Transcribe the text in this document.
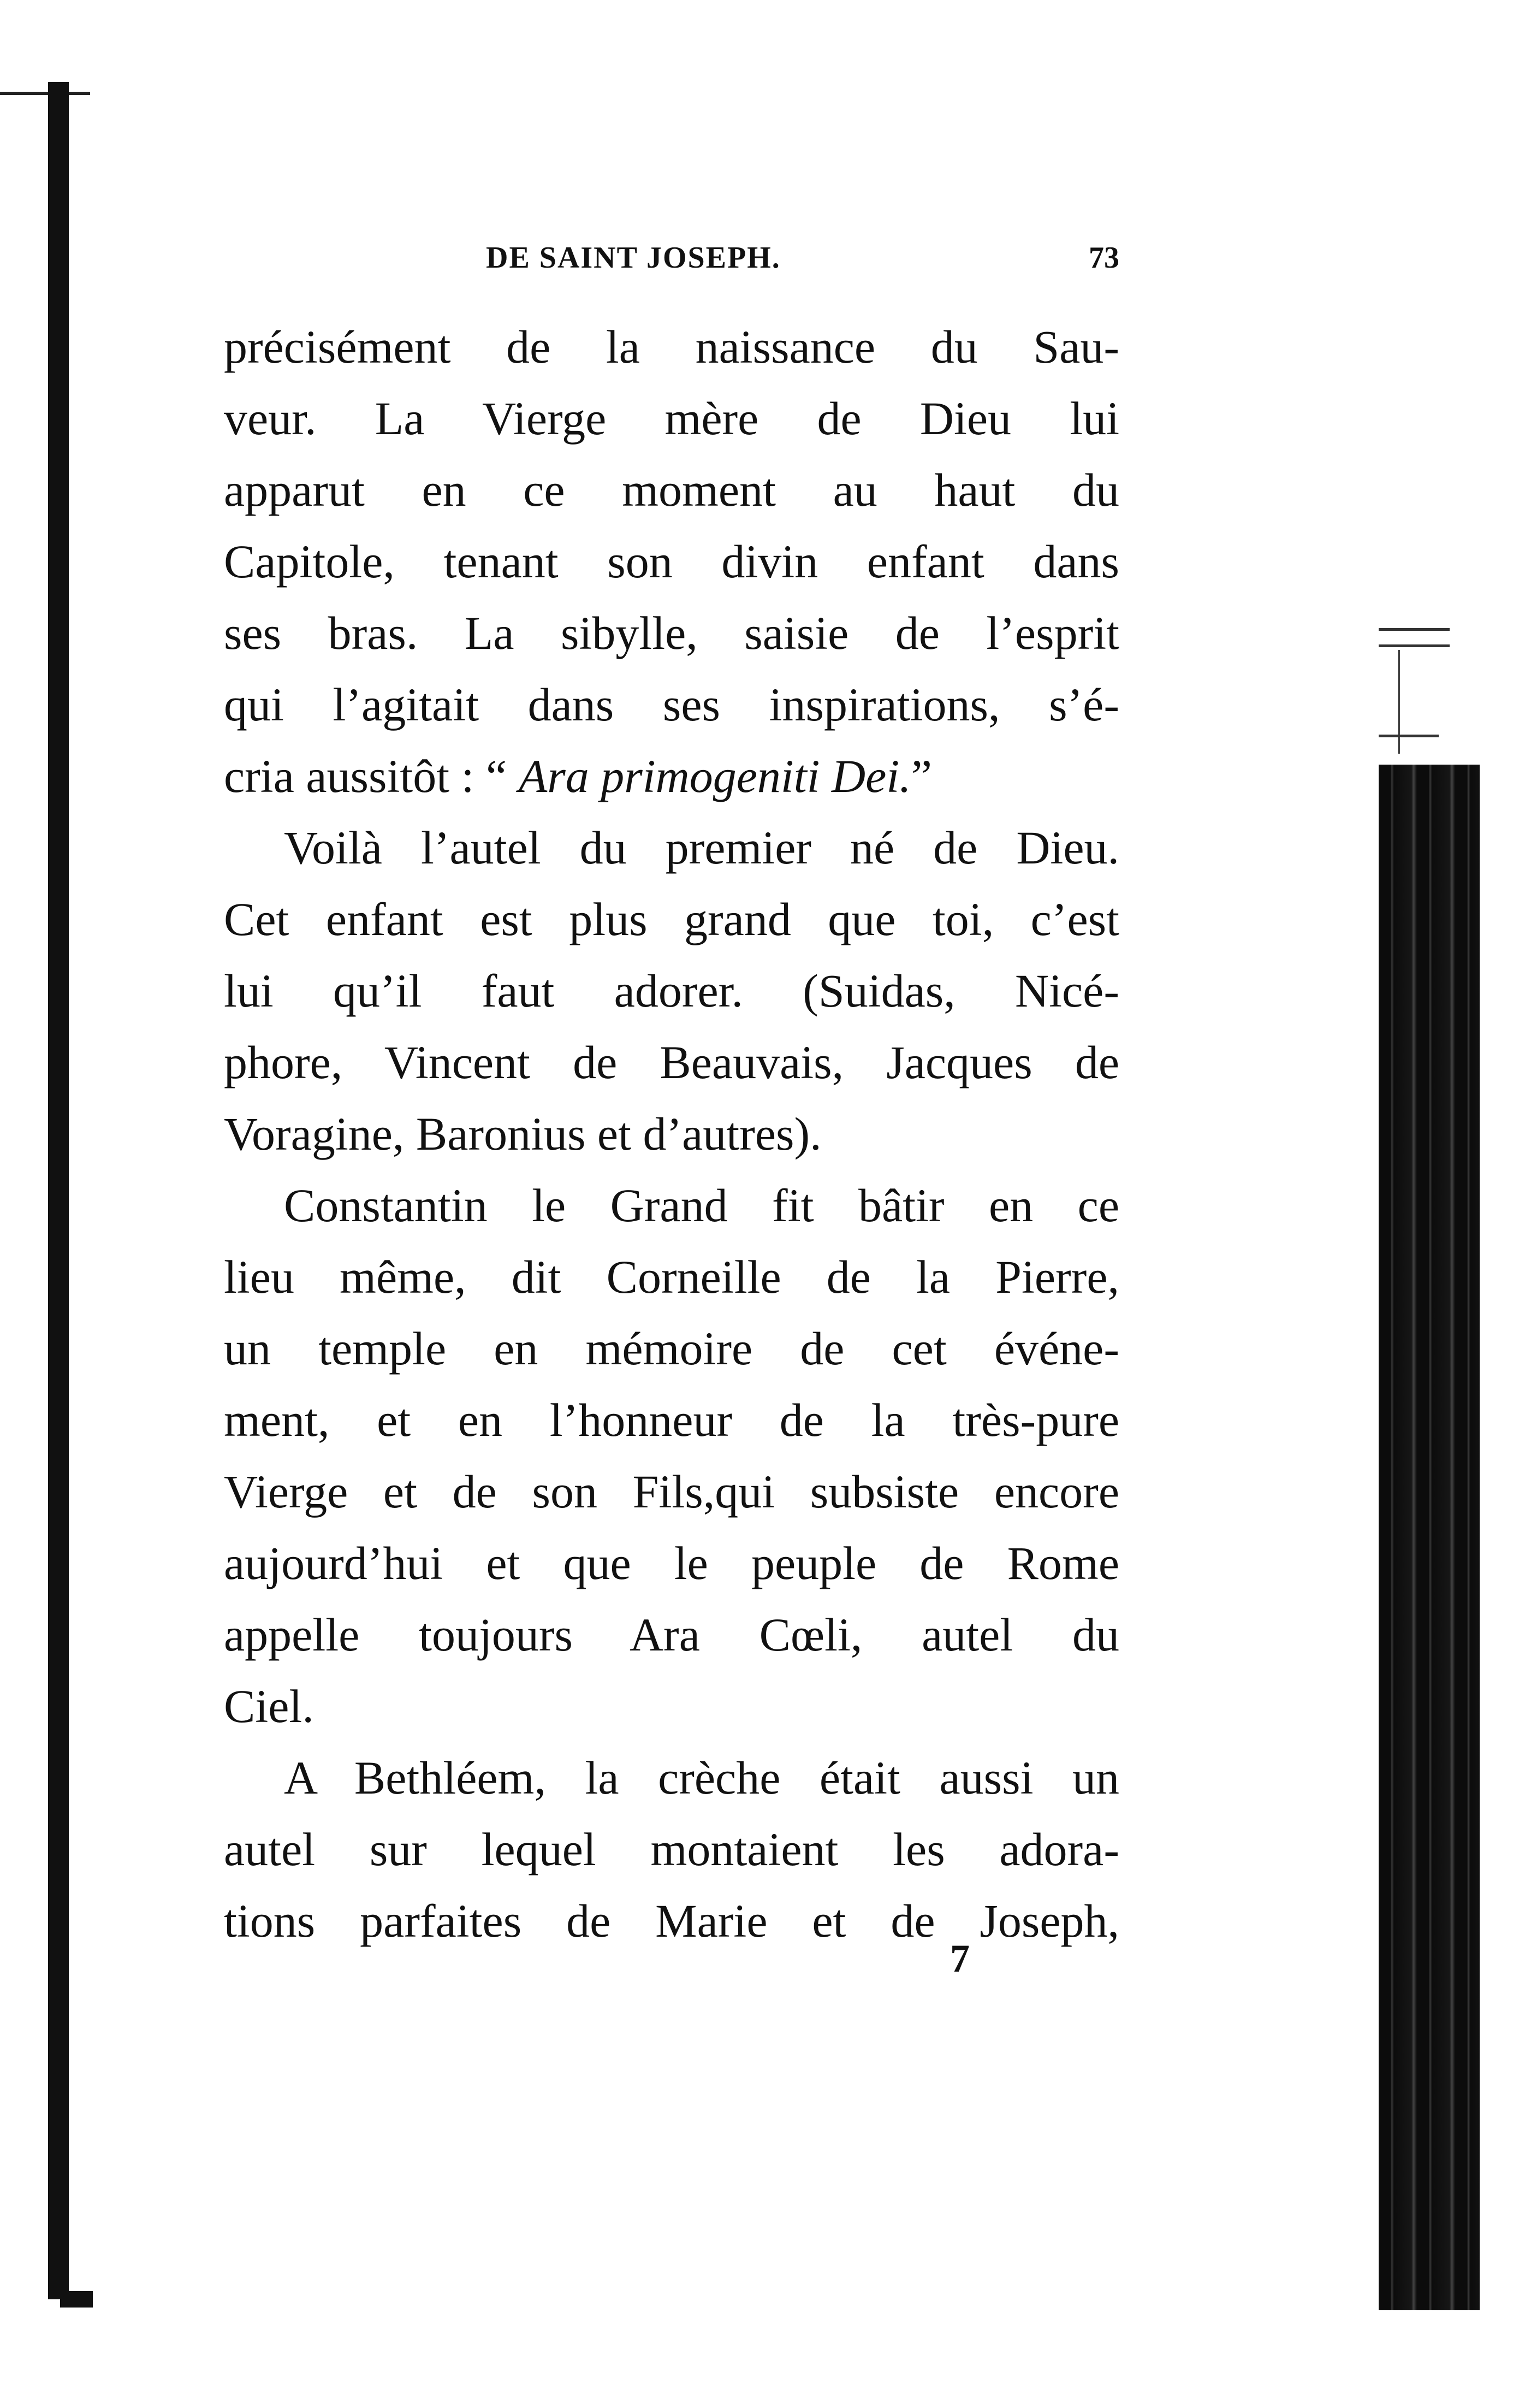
DE SAINT JOSEPH.	73
précisément de la naissance du Sau-
veur. La Vierge mère de Dieu lui
apparut en ce moment au haut du
Capitole, tenant son divin enfant dans
ses bras. La sibylle, saisie de l’esprit
qui l’agitait dans ses inspirations, s’é-
cria aussitôt : “ Ara primogeniti Dei.”
Voilà l’autel du premier né de Dieu.
Cet enfant est plus grand que toi, c’est
lui qu’il faut adorer. (Suidas, Nicé-
phore, Vincent de Beauvais, Jacques de
Voragine, Baronius et d’autres).
Constantin le Grand fit bâtir en ce
lieu même, dit Corneille de la Pierre,
un temple en mémoire de cet événe-
ment, et en l’honneur de la très-pure
Vierge et de son Fils,qui subsiste encore
aujourd’hui et que le peuple de Rome
appelle toujours Ara Cœli, autel du
Ciel.
A Bethléem, la crèche était aussi un
autel sur lequel montaient les adora-
tions parfaites de Marie et de Joseph,
7
